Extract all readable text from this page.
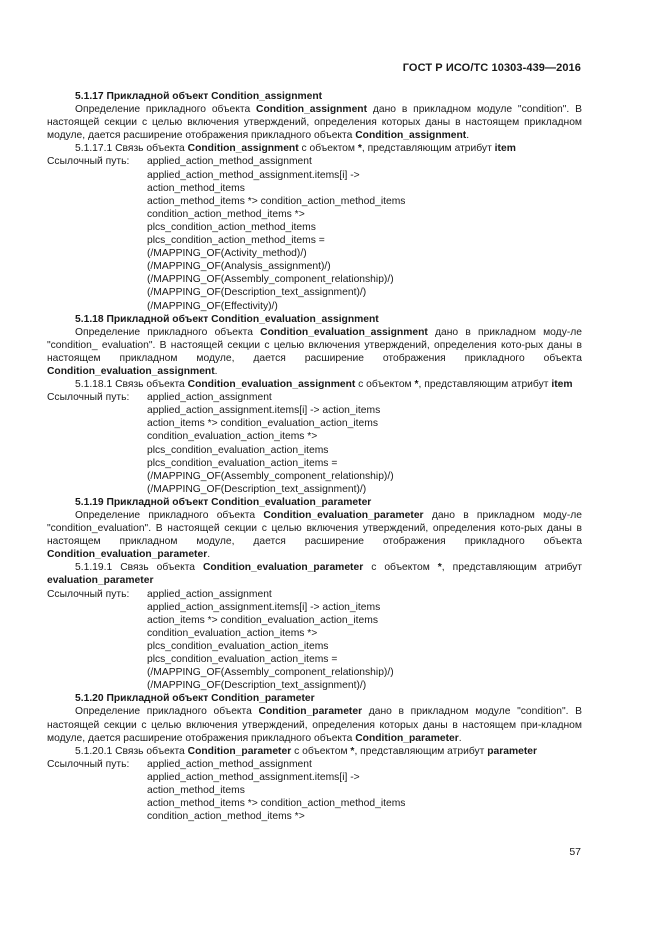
ГОСТ Р ИСО/ТС 10303-439—2016

5.1.17 Прикладной объект Condition_assignment

Определение прикладного объекта Condition_assignment дано в прикладном модуле "condition". В настоящей секции с целью включения утверждений, определения которых даны в настоящем прикладном модуле, дается расширение отображения прикладного объекта Condition_assignment.

5.1.17.1 Связь объекта Condition_assignment с объектом *, представляющим атрибут item

Ссылочный путь: applied_action_method_assignment
applied_action_method_assignment.items[i] ->
action_method_items
action_method_items *> condition_action_method_items
condition_action_method_items *>
plcs_condition_action_method_items
plcs_condition_action_method_items =
(/MAPPING_OF(Activity_method)/)
(/MAPPING_OF(Analysis_assignment)/)
(/MAPPING_OF(Assembly_component_relationship)/)
(/MAPPING_OF(Description_text_assignment)/)
(/MAPPING_OF(Effectivity)/)

5.1.18 Прикладной объект Condition_evaluation_assignment

Определение прикладного объекта Condition_evaluation_assignment дано в прикладном моду-ле "condition_ evaluation". В настоящей секции с целью включения утверждений, определения кото-рых даны в настоящем прикладном модуле, дается расширение отображения прикладного объекта Condition_evaluation_assignment.

5.1.18.1 Связь объекта Condition_evaluation_assignment с объектом *, представляющим атрибут item

Ссылочный путь: applied_action_assignment
applied_action_assignment.items[i] -> action_items
action_items *> condition_evaluation_action_items
condition_evaluation_action_items *>
plcs_condition_evaluation_action_items
plcs_condition_evaluation_action_items =
(/MAPPING_OF(Assembly_component_relationship)/)
(/MAPPING_OF(Description_text_assignment)/)

5.1.19 Прикладной объект Condition_evaluation_parameter

Определение прикладного объекта Condition_evaluation_parameter дано в прикладном моду-ле "condition_evaluation". В настоящей секции с целью включения утверждений, определения кото-рых даны в настоящем прикладном модуле, дается расширение отображения прикладного объекта Condition_evaluation_parameter.

5.1.19.1 Связь объекта Condition_evaluation_parameter с объектом *, представляющим атрибут evaluation_parameter

Ссылочный путь: applied_action_assignment
applied_action_assignment.items[i] -> action_items
action_items *> condition_evaluation_action_items
condition_evaluation_action_items *>
plcs_condition_evaluation_action_items
plcs_condition_evaluation_action_items =
(/MAPPING_OF(Assembly_component_relationship)/)
(/MAPPING_OF(Description_text_assignment)/)

5.1.20 Прикладной объект Condition_parameter

Определение прикладного объекта Condition_parameter дано в прикладном модуле "condition". В настоящей секции с целью включения утверждений, определения которых даны в настоящем при-кладном модуле, дается расширение отображения прикладного объекта Condition_parameter.

5.1.20.1 Связь объекта Condition_parameter с объектом *, представляющим атрибут parameter

Ссылочный путь: applied_action_method_assignment
applied_action_method_assignment.items[i] ->
action_method_items
action_method_items *> condition_action_method_items
condition_action_method_items *>
57
